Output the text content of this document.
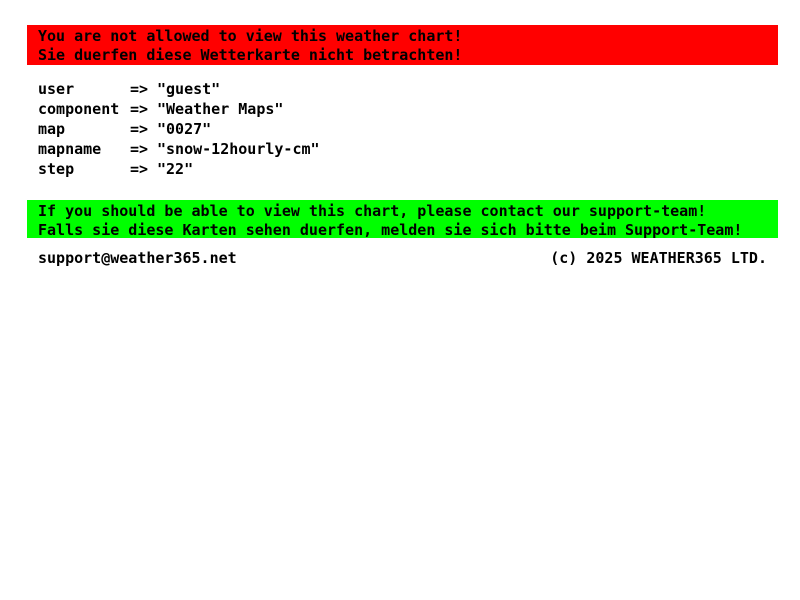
You are not allowed to view this weather chart!
Sie duerfen diese Wetterkarte nicht betrachten!
user	=> "guest"
component => "Weather Maps"
map	=> "0027"
mapname	=> "snow-12hourly-cm"
step	=> "22"
If you should be able to view this chart, please contact our support-team!
Falls sie diese Karten sehen duerfen, melden sie sich bitte beim Support-Team!
support@weather365.net	(c) 2025 WEATHER365 LTD.
